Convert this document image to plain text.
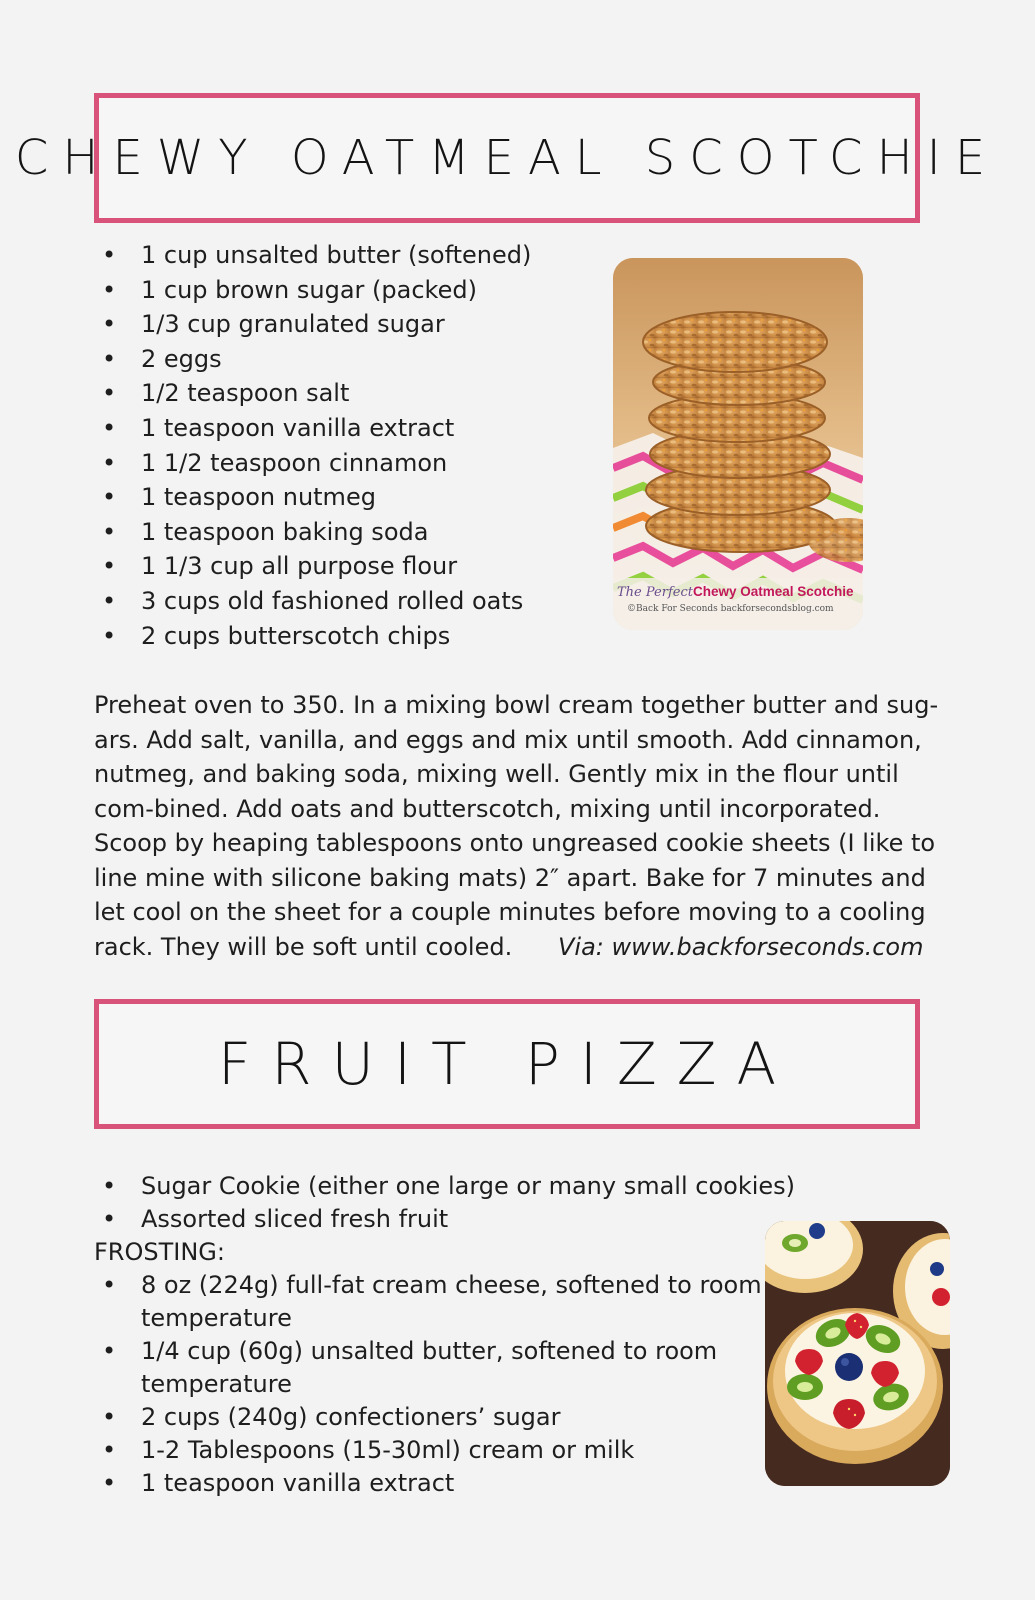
CHEWY OATMEAL SCOTCHIE
• 1 cup unsalted butter (softened)
• 1 cup brown sugar (packed)
• 1/3 cup granulated sugar
• 2 eggs
• 1/2 teaspoon salt
• 1 teaspoon vanilla extract
• 1 1/2 teaspoon cinnamon
• 1 teaspoon nutmeg
• 1 teaspoon baking soda
• 1 1/3 cup all purpose flour
• 3 cups old fashioned rolled oats
• 2 cups butterscotch chips
The Perfect Chewy Oatmeal Scotchie
©Back For Seconds backforsecondsblog.com

Preheat oven to 350. In a mixing bowl cream together butter and sug-ars. Add salt, vanilla, and eggs and mix until smooth. Add cinnamon, nutmeg, and baking soda, mixing well. Gently mix in the flour until com-bined. Add oats and butterscotch, mixing until incorporated.

Scoop by heaping tablespoons onto ungreased cookie sheets (I like to line mine with silicone baking mats) 2″ apart. Bake for 7 minutes and let cool on the sheet for a couple minutes before moving to a cooling rack. They will be soft until cooled. Via: www.backforseconds.com

FRUIT PIZZA
• Sugar Cookie (either one large or many small cookies)
• Assorted sliced fresh fruit
FROSTING:
• 8 oz (224g) full-fat cream cheese, softened to room temperature
• 1/4 cup (60g) unsalted butter, softened to room temperature
• 2 cups (240g) confectioners’ sugar
• 1-2 Tablespoons (15-30ml) cream or milk
• 1 teaspoon vanilla extract
